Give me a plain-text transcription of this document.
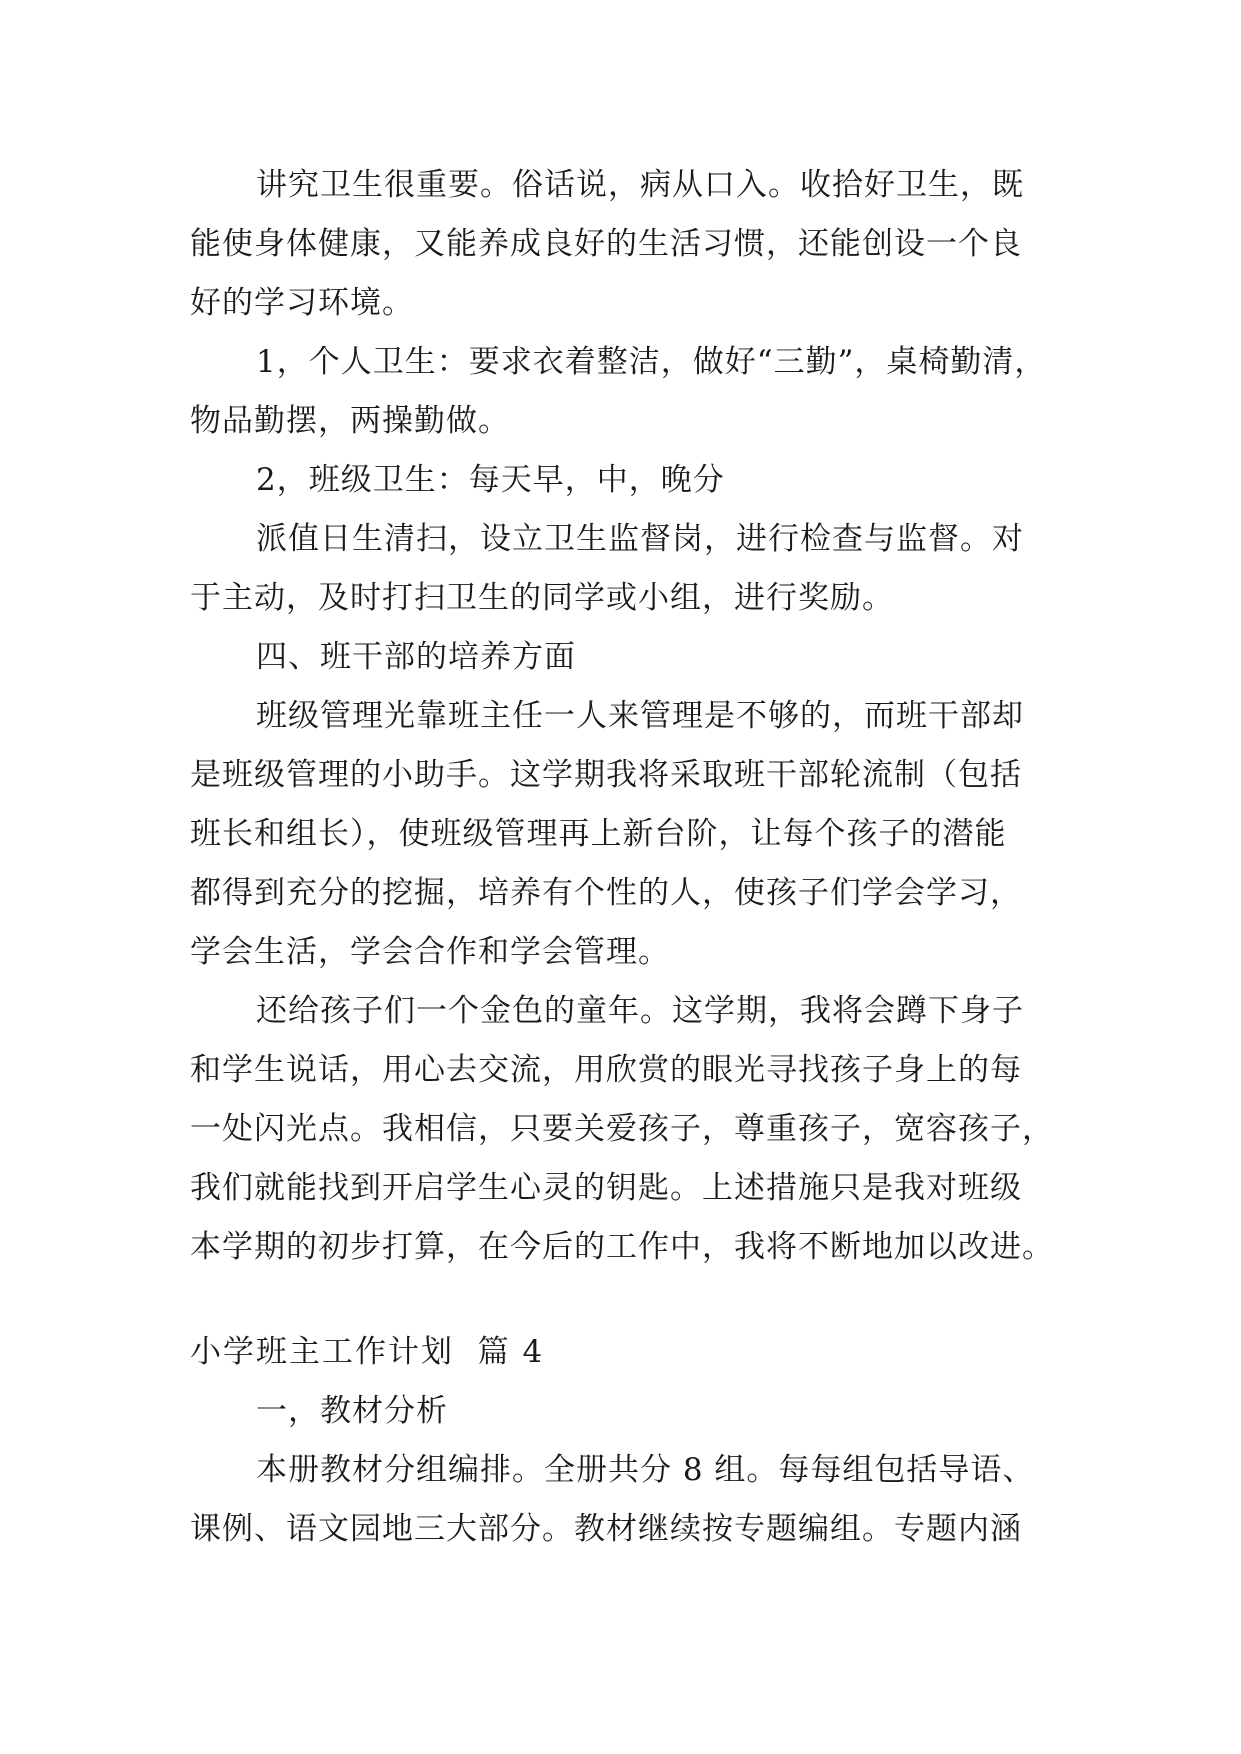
讲究卫生很重要。俗话说，病从口入。收拾好卫生，既
能使身体健康，又能养成良好的生活习惯，还能创设一个良
好的学习环境。
1，个人卫生：要求衣着整洁，做好“三勤”，桌椅勤清，
物品勤摆，两操勤做。
2，班级卫生：每天早，中，晚分
派值日生清扫，设立卫生监督岗，进行检查与监督。对
于主动，及时打扫卫生的同学或小组，进行奖励。
四、班干部的培养方面
班级管理光靠班主任一人来管理是不够的，而班干部却
是班级管理的小助手。这学期我将采取班干部轮流制（包括
班长和组长），使班级管理再上新台阶，让每个孩子的潜能
都得到充分的挖掘，培养有个性的人，使孩子们学会学习，
学会生活，学会合作和学会管理。
还给孩子们一个金色的童年。这学期，我将会蹲下身子
和学生说话，用心去交流，用欣赏的眼光寻找孩子身上的每
一处闪光点。我相信，只要关爱孩子，尊重孩子，宽容孩子，
我们就能找到开启学生心灵的钥匙。上述措施只是我对班级
本学期的初步打算，在今后的工作中，我将不断地加以改进。
小学班主工作计划  篇 4
一，教材分析
本册教材分组编排。全册共分 8 组。每每组包括导语、
课例、语文园地三大部分。教材继续按专题编组。专题内涵
